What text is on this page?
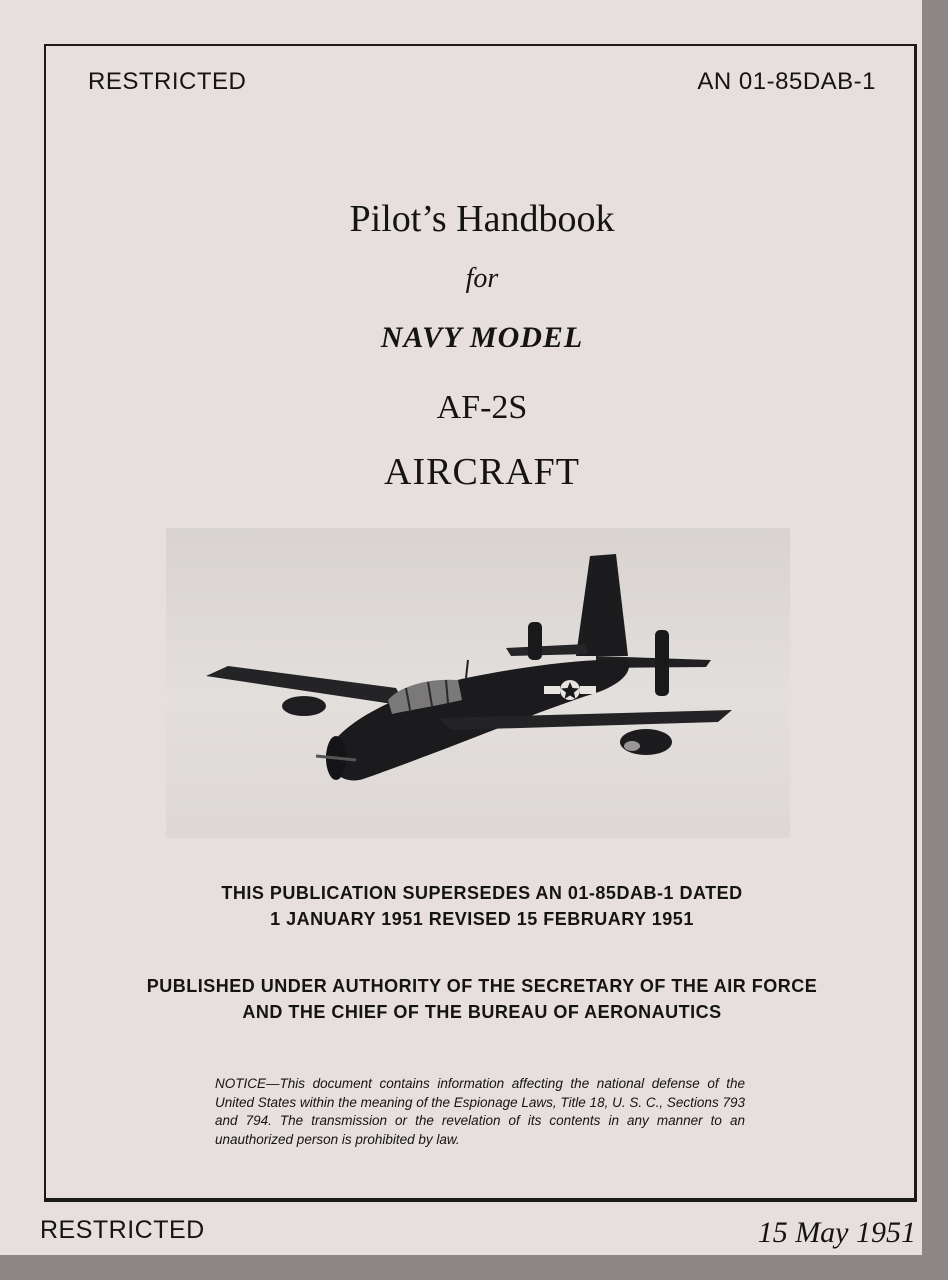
RESTRICTED	AN 01-85DAB-1
Pilot’s Handbook
for
NAVY MODEL
AF-2S
AIRCRAFT
THIS PUBLICATION SUPERSEDES AN 01-85DAB-1 DATED
1 JANUARY 1951 REVISED 15 FEBRUARY 1951
PUBLISHED UNDER AUTHORITY OF THE SECRETARY OF THE AIR FORCE
AND THE CHIEF OF THE BUREAU OF AERONAUTICS
NOTICE—This document contains information affecting the national defense of the United States within the meaning of the Espionage Laws, Title 18, U. S. C., Sections 793 and 794. The transmission or the revelation of its contents in any manner to an unauthorized person is prohibited by law.
RESTRICTED	15 May 1951
